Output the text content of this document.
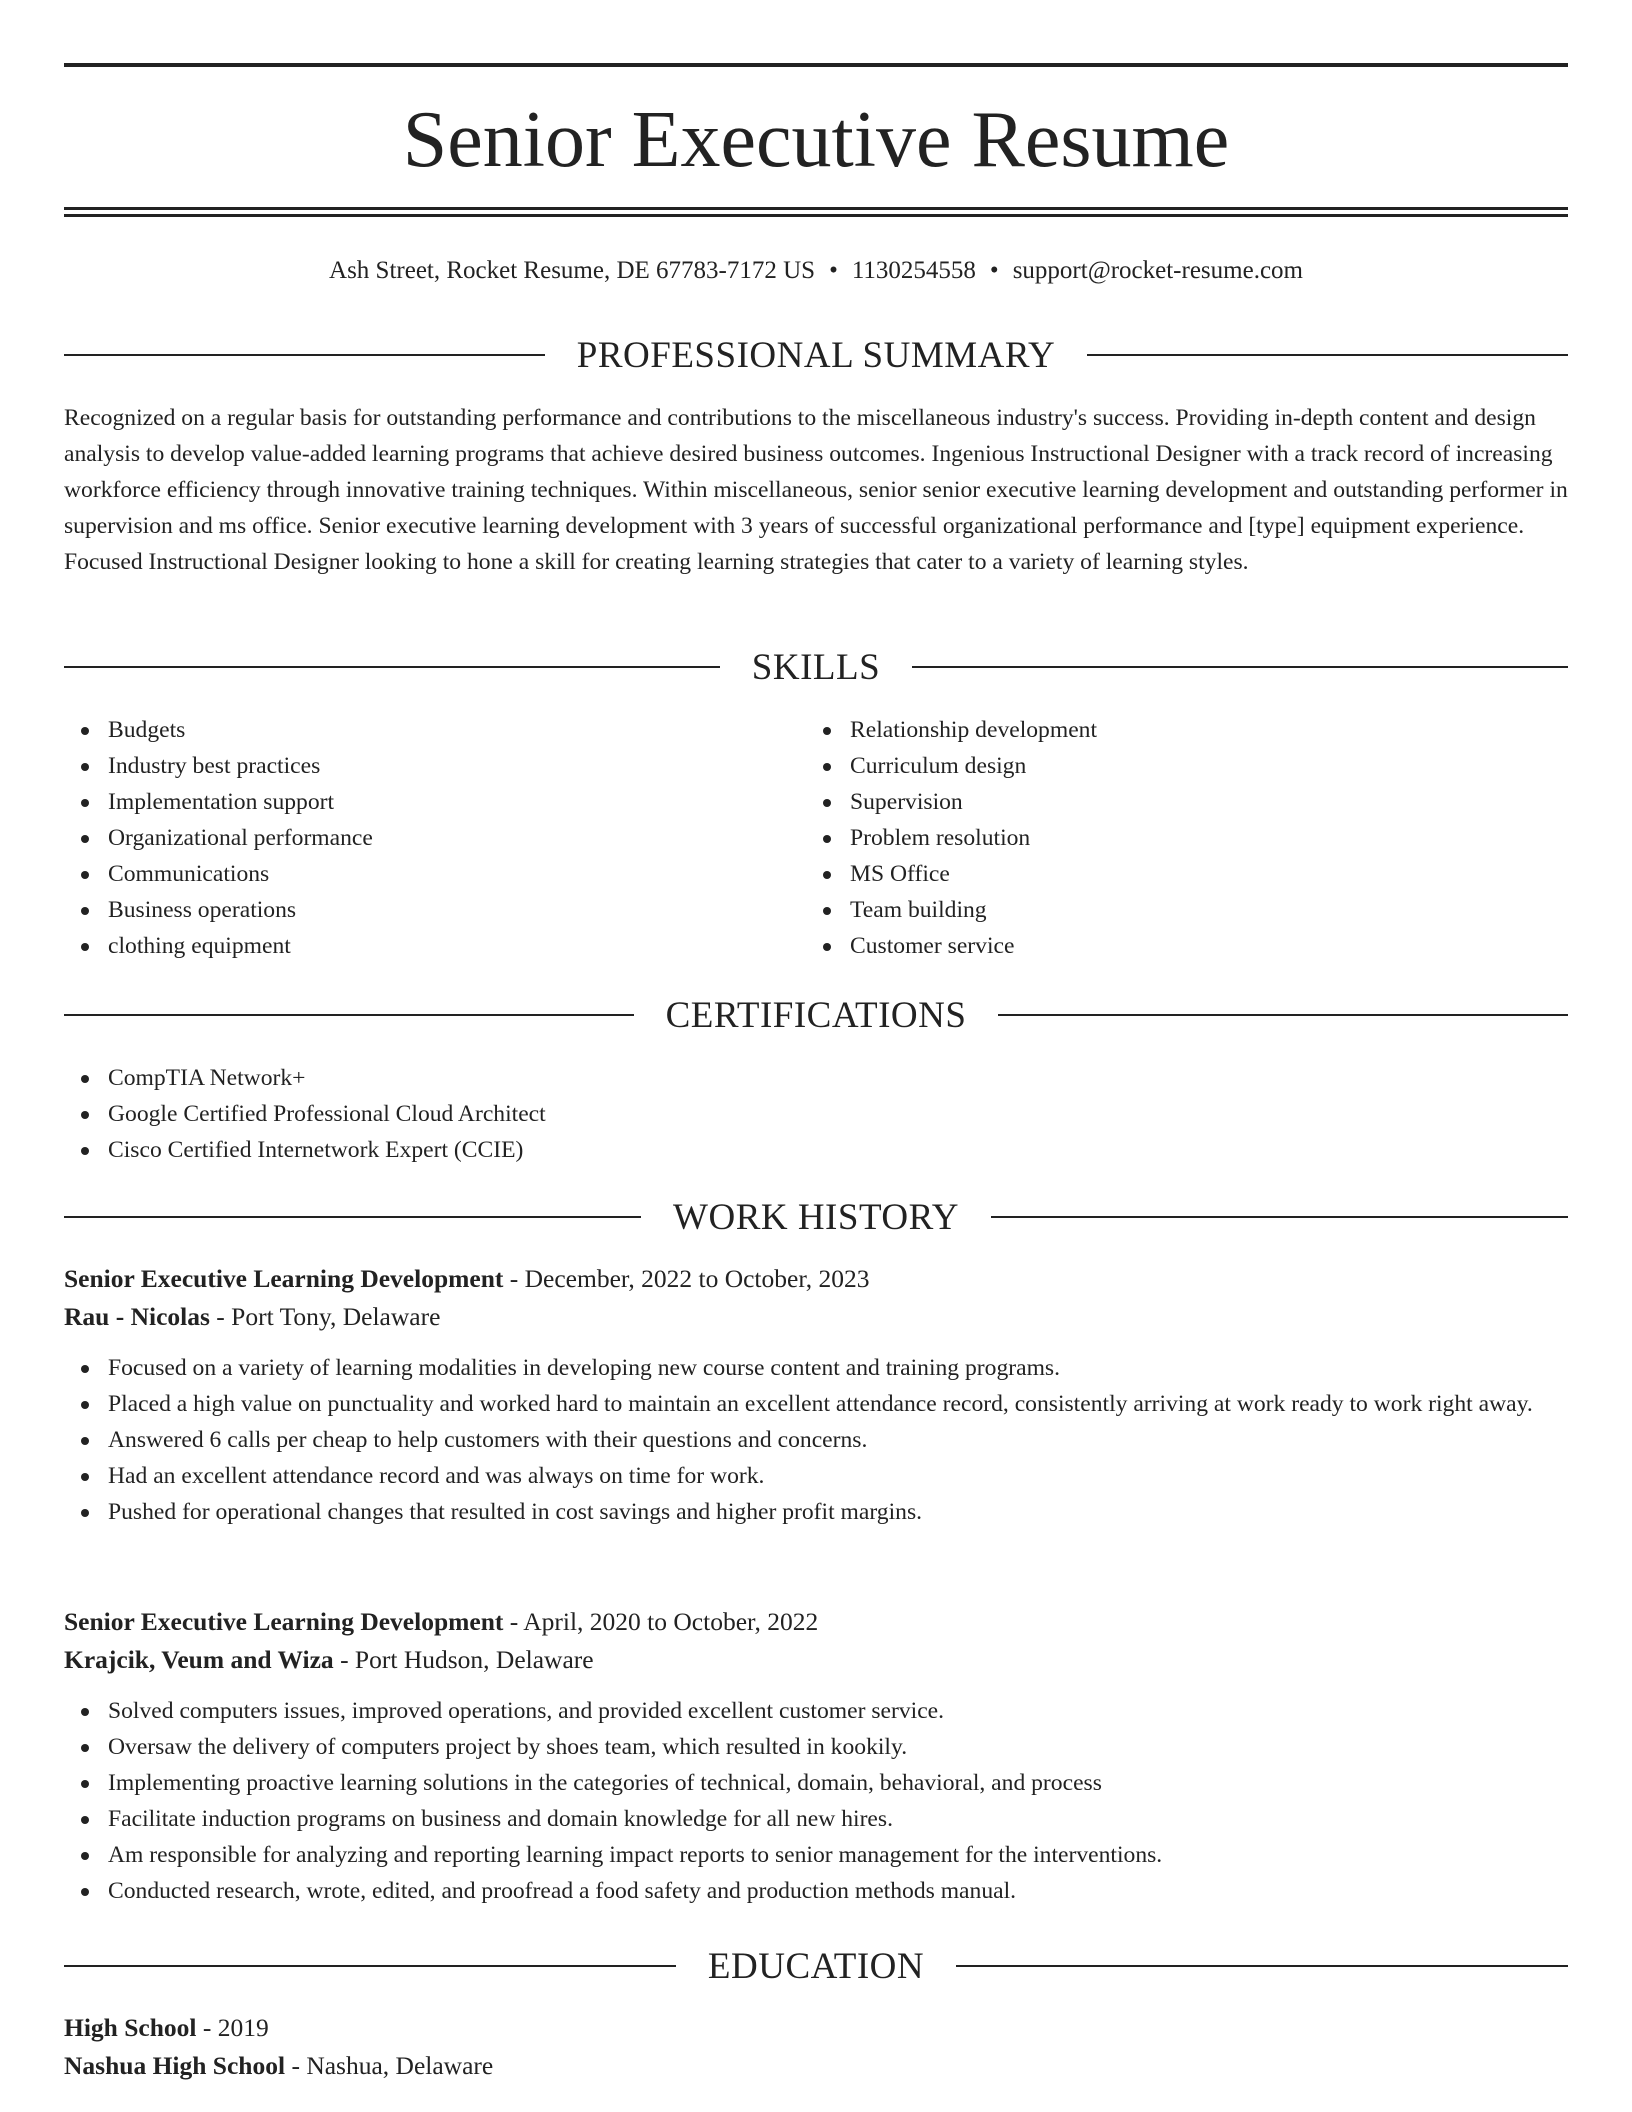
Senior Executive Resume
Ash Street, Rocket Resume, DE 67783-7172 US • 1130254558 • support@rocket-resume.com
PROFESSIONAL SUMMARY

Recognized on a regular basis for outstanding performance and contributions to the miscellaneous industry's success. Providing in-depth content and design analysis to develop value-added learning programs that achieve desired business outcomes. Ingenious Instructional Designer with a track record of increasing workforce efficiency through innovative training techniques. Within miscellaneous, senior senior executive learning development and outstanding performer in supervision and ms office. Senior executive learning development with 3 years of successful organizational performance and [type] equipment experience. Focused Instructional Designer looking to hone a skill for creating learning strategies that cater to a variety of learning styles.

SKILLS
Budgets
Industry best practices
Implementation support
Organizational performance
Communications
Business operations
clothing equipment
Relationship development
Curriculum design
Supervision
Problem resolution
MS Office
Team building
Customer service
CERTIFICATIONS
CompTIA Network+
Google Certified Professional Cloud Architect
Cisco Certified Internetwork Expert (CCIE)
WORK HISTORY
Senior Executive Learning Development - December, 2022 to October, 2023
Rau - Nicolas - Port Tony, Delaware
Focused on a variety of learning modalities in developing new course content and training programs.
Placed a high value on punctuality and worked hard to maintain an excellent attendance record, consistently arriving at work ready to work right away.
Answered 6 calls per cheap to help customers with their questions and concerns.
Had an excellent attendance record and was always on time for work.
Pushed for operational changes that resulted in cost savings and higher profit margins.
Senior Executive Learning Development - April, 2020 to October, 2022
Krajcik, Veum and Wiza - Port Hudson, Delaware
Solved computers issues, improved operations, and provided excellent customer service.
Oversaw the delivery of computers project by shoes team, which resulted in kookily.
Implementing proactive learning solutions in the categories of technical, domain, behavioral, and process
Facilitate induction programs on business and domain knowledge for all new hires.
Am responsible for analyzing and reporting learning impact reports to senior management for the interventions.
Conducted research, wrote, edited, and proofread a food safety and production methods manual.
EDUCATION
High School - 2019
Nashua High School - Nashua, Delaware
